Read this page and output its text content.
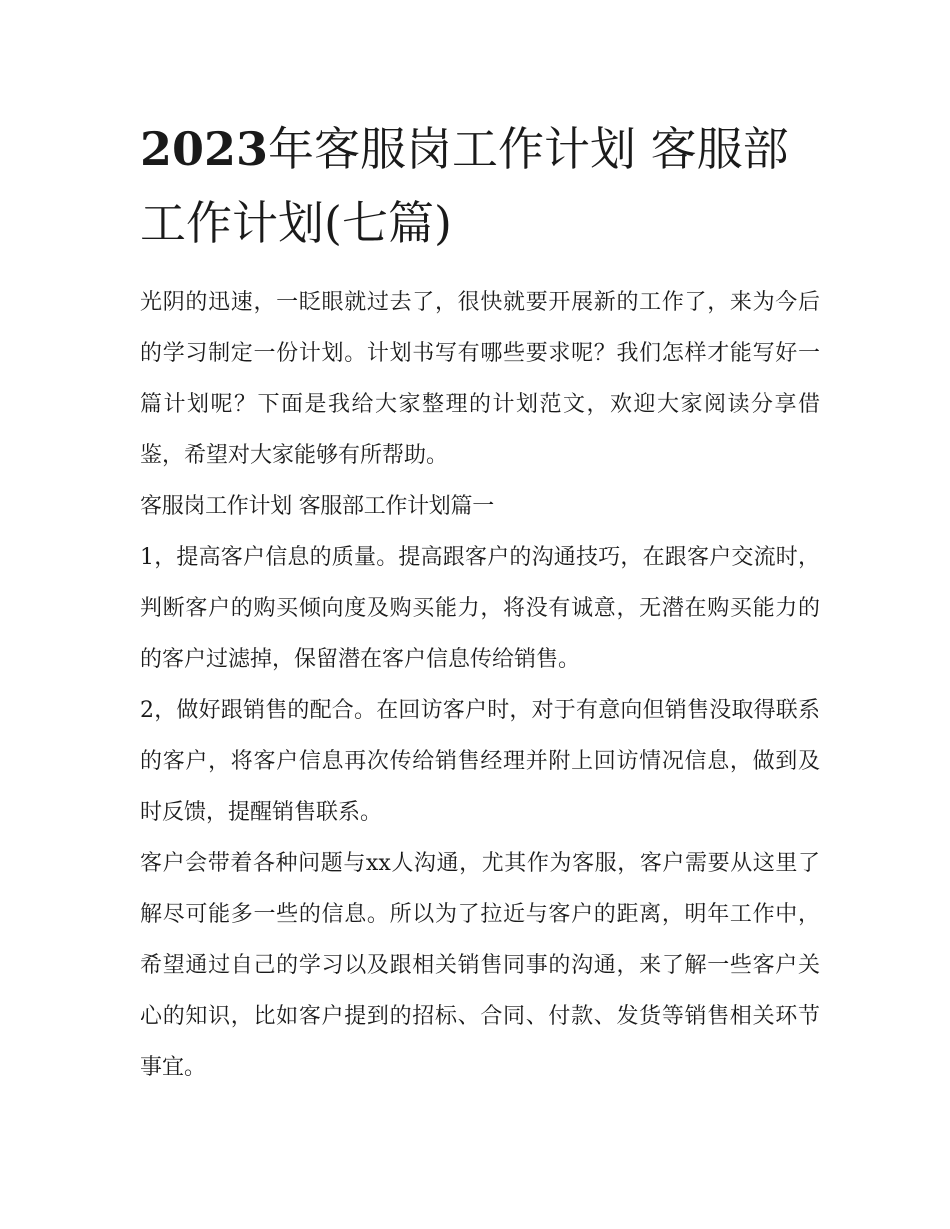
2023年客服岗工作计划 客服部工作计划(七篇)

光阴的迅速，一眨眼就过去了，很快就要开展新的工作了，来为今后的学习制定一份计划。计划书写有哪些要求呢？我们怎样才能写好一篇计划呢？下面是我给大家整理的计划范文，欢迎大家阅读分享借鉴，希望对大家能够有所帮助。

客服岗工作计划 客服部工作计划篇一

1，提高客户信息的质量。提高跟客户的沟通技巧，在跟客户交流时，判断客户的购买倾向度及购买能力，将没有诚意，无潜在购买能力的的客户过滤掉，保留潜在客户信息传给销售。

2，做好跟销售的配合。在回访客户时，对于有意向但销售没取得联系的客户，将客户信息再次传给销售经理并附上回访情况信息，做到及时反馈，提醒销售联系。

客户会带着各种问题与xx人沟通，尤其作为客服，客户需要从这里了解尽可能多一些的信息。所以为了拉近与客户的距离，明年工作中，希望通过自己的学习以及跟相关销售同事的沟通，来了解一些客户关心的知识，比如客户提到的招标、合同、付款、发货等销售相关环节事宜。
